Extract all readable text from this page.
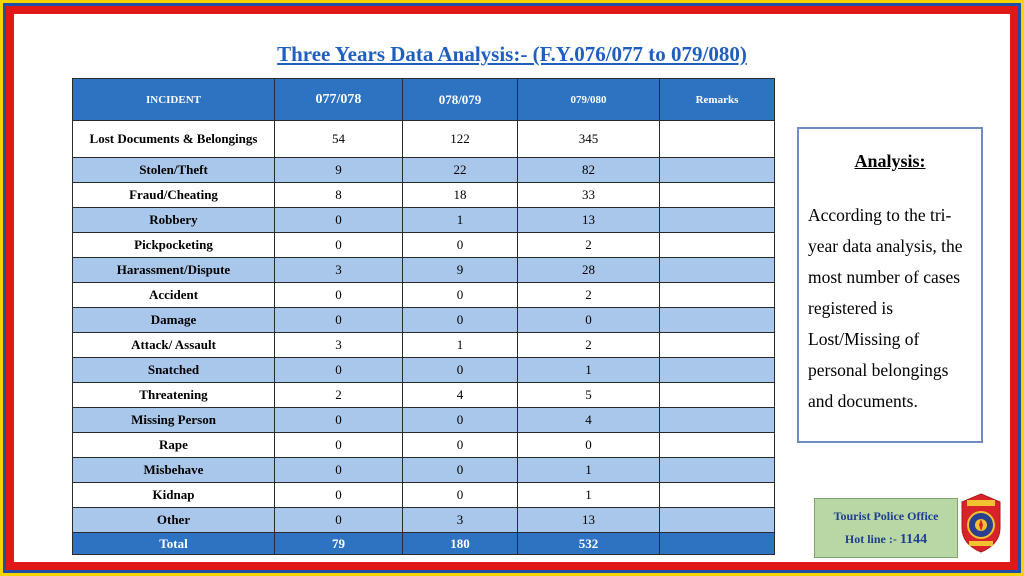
Three Years Data Analysis:- (F.Y.076/077 to 079/080)
INCIDENT	077/078	078/079	079/080	Remarks
Lost Documents & Belongings	54	122	345	
Stolen/Theft	9	22	82	
Fraud/Cheating	8	18	33	
Robbery	0	1	13	
Pickpocketing	0	0	2	
Harassment/Dispute	3	9	28	
Accident	0	0	2	
Damage	0	0	0	
Attack/ Assault	3	1	2	
Snatched	0	0	1	
Threatening	2	4	5	
Missing Person	0	0	4	
Rape	0	0	0	
Misbehave	0	0	1	
Kidnap	0	0	1	
Other	0	3	13	
Total	79	180	532	
Analysis:
According to the tri-year data analysis, the most number of cases registered is Lost/Missing of personal belongings and documents.
Tourist Police Office
Hot line :- 1144
